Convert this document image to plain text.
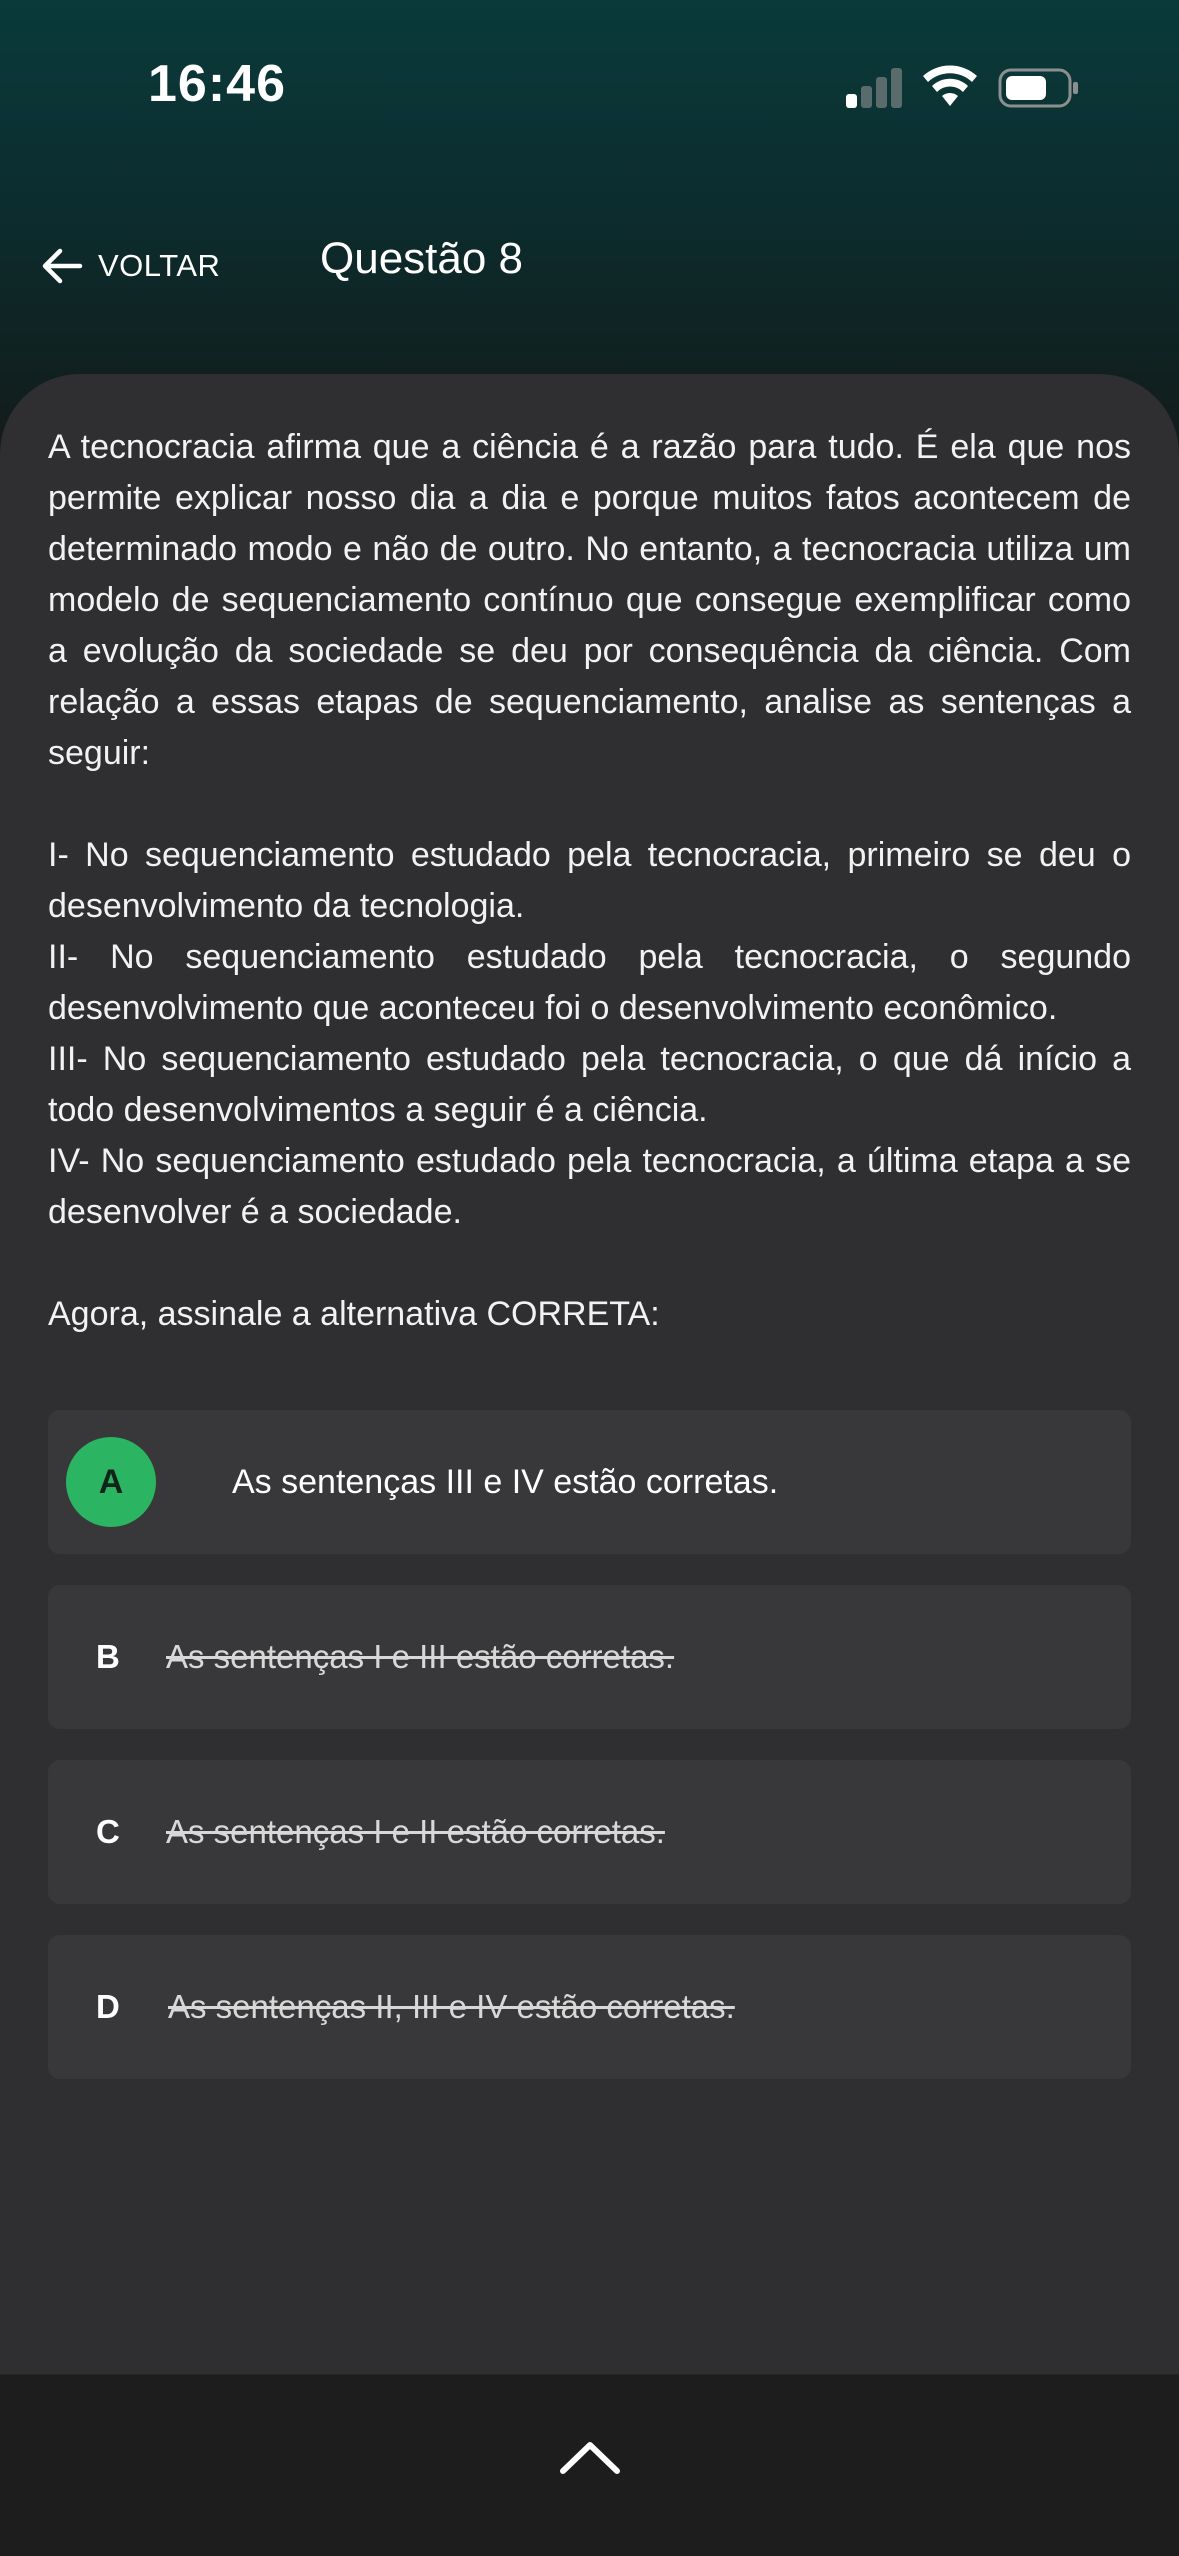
16:46
VOLTAR Questão 8

A tecnocracia afirma que a ciência é a razão para tudo. É ela que nos permite explicar nosso dia a dia e porque muitos fatos acontecem de determinado modo e não de outro. No entanto, a tecnocracia utiliza um modelo de sequenciamento contínuo que consegue exemplificar como a evolução da sociedade se deu por consequência da ciência. Com relação a essas etapas de sequenciamento, analise as sentenças a seguir:

I- No sequenciamento estudado pela tecnocracia, primeiro se deu o desenvolvimento da tecnologia.

II- No sequenciamento estudado pela tecnocracia, o segundo desenvolvimento que aconteceu foi o desenvolvimento econômico.

III- No sequenciamento estudado pela tecnocracia, o que dá início a todo desenvolvimentos a seguir é a ciência.

IV- No sequenciamento estudado pela tecnocracia, a última etapa a se desenvolver é a sociedade.

Agora, assinale a alternativa CORRETA:

A	As sentenças III e IV estão corretas.
B As sentenças I e III estão corretas.
C As sentenças I e II estão corretas.
D As sentenças II, III e IV estão corretas.
